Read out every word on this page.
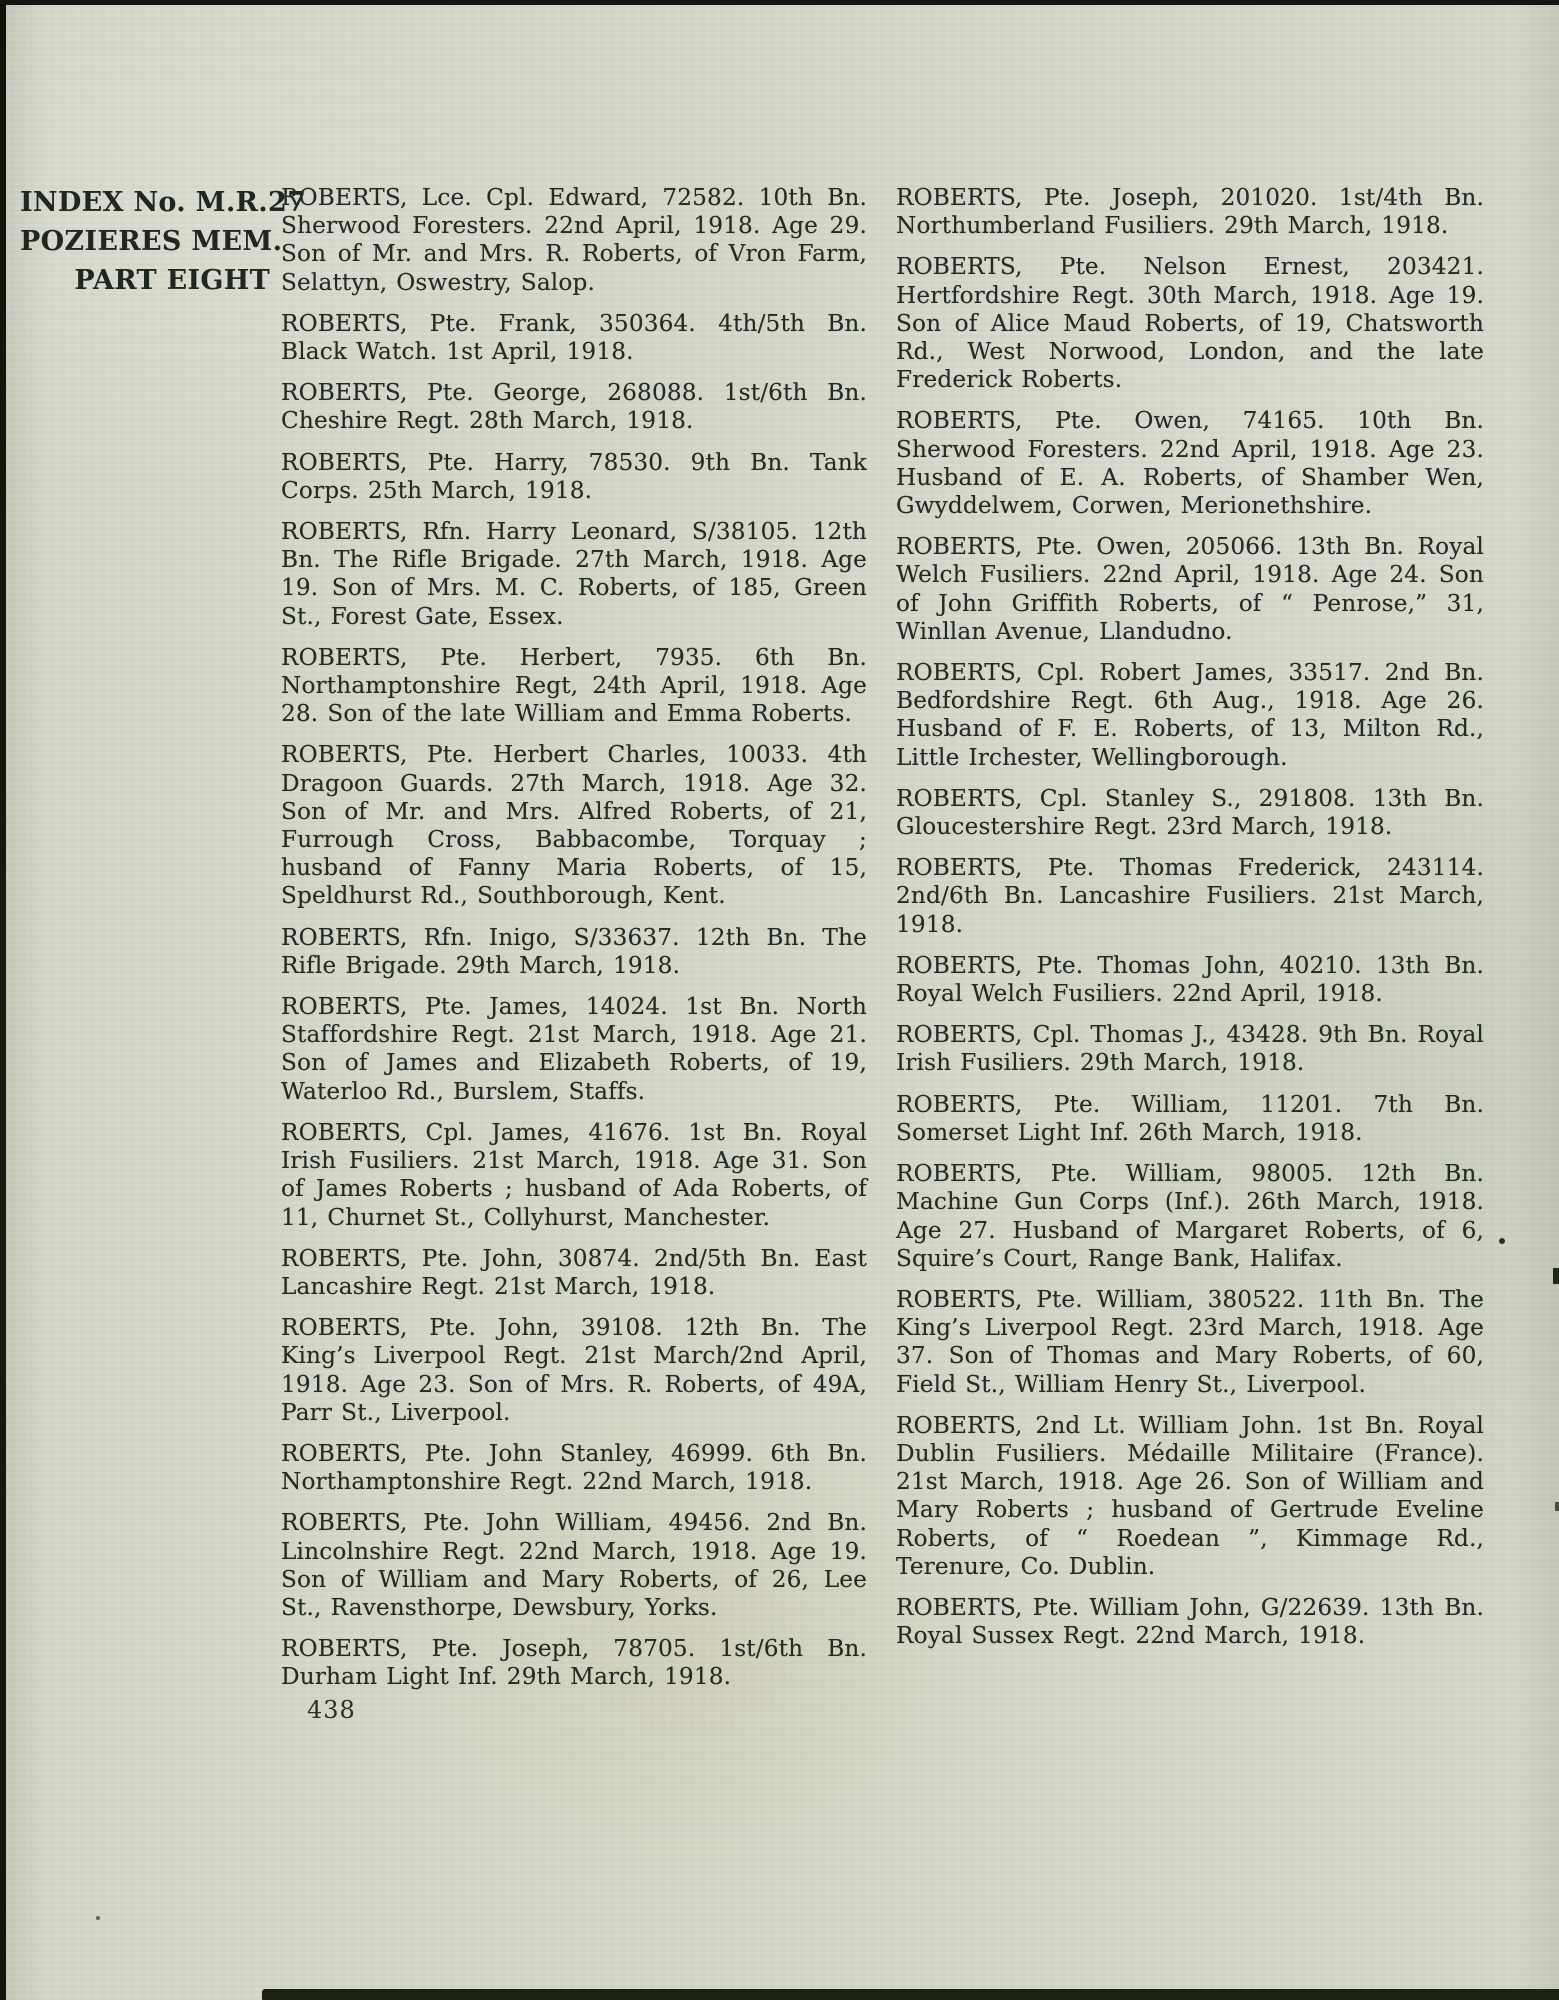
INDEX No. M.R.27
POZIERES MEM.
PART EIGHT

ROBERTS, Lce. Cpl. Edward, 72582. 10th Bn. Sherwood Foresters. 22nd April, 1918. Age 29. Son of Mr. and Mrs. R. Roberts, of Vron Farm, Selattyn, Oswestry, Salop.

ROBERTS, Pte. Frank, 350364. 4th/5th Bn. Black Watch. 1st April, 1918.

ROBERTS, Pte. George, 268088. 1st/6th Bn. Cheshire Regt. 28th March, 1918.

ROBERTS, Pte. Harry, 78530. 9th Bn. Tank Corps. 25th March, 1918.

ROBERTS, Rfn. Harry Leonard, S/38105. 12th Bn. The Rifle Brigade. 27th March, 1918. Age 19. Son of Mrs. M. C. Roberts, of 185, Green St., Forest Gate, Essex.

ROBERTS, Pte. Herbert, 7935. 6th Bn. Northamptonshire Regt, 24th April, 1918. Age 28. Son of the late William and Emma Roberts.

ROBERTS, Pte. Herbert Charles, 10033. 4th Dragoon Guards. 27th March, 1918. Age 32. Son of Mr. and Mrs. Alfred Roberts, of 21, Furrough Cross, Babbacombe, Torquay ; husband of Fanny Maria Roberts, of 15, Speldhurst Rd., Southborough, Kent.

ROBERTS, Rfn. Inigo, S/33637. 12th Bn. The Rifle Brigade. 29th March, 1918.

ROBERTS, Pte. James, 14024. 1st Bn. North Staffordshire Regt. 21st March, 1918. Age 21. Son of James and Elizabeth Roberts, of 19, Waterloo Rd., Burslem, Staffs.

ROBERTS, Cpl. James, 41676. 1st Bn. Royal Irish Fusiliers. 21st March, 1918. Age 31. Son of James Roberts ; husband of Ada Roberts, of 11, Churnet St., Collyhurst, Manchester.

ROBERTS, Pte. John, 30874. 2nd/5th Bn. East Lancashire Regt. 21st March, 1918.

ROBERTS, Pte. John, 39108. 12th Bn. The King’s Liverpool Regt. 21st March/2nd April, 1918. Age 23. Son of Mrs. R. Roberts, of 49A, Parr St., Liverpool.

ROBERTS, Pte. John Stanley, 46999. 6th Bn. Northamptonshire Regt. 22nd March, 1918.

ROBERTS, Pte. John William, 49456. 2nd Bn. Lincolnshire Regt. 22nd March, 1918. Age 19. Son of William and Mary Roberts, of 26, Lee St., Ravensthorpe, Dewsbury, Yorks.

ROBERTS, Pte. Joseph, 78705. 1st/6th Bn. Durham Light Inf. 29th March, 1918.

ROBERTS, Pte. Joseph, 201020. 1st/4th Bn. Northumberland Fusiliers. 29th March, 1918.

ROBERTS, Pte. Nelson Ernest, 203421. Hertfordshire Regt. 30th March, 1918. Age 19. Son of Alice Maud Roberts, of 19, Chatsworth Rd., West Norwood, London, and the late Frederick Roberts.

ROBERTS, Pte. Owen, 74165. 10th Bn. Sherwood Foresters. 22nd April, 1918. Age 23. Husband of E. A. Roberts, of Shamber Wen, Gwyddelwem, Corwen, Merionethshire.

ROBERTS, Pte. Owen, 205066. 13th Bn. Royal Welch Fusiliers. 22nd April, 1918. Age 24. Son of John Griffith Roberts, of “ Penrose,” 31, Winllan Avenue, Llandudno.

ROBERTS, Cpl. Robert James, 33517. 2nd Bn. Bedfordshire Regt. 6th Aug., 1918. Age 26. Husband of F. E. Roberts, of 13, Milton Rd., Little Irchester, Wellingborough.

ROBERTS, Cpl. Stanley S., 291808. 13th Bn. Gloucestershire Regt. 23rd March, 1918.

ROBERTS, Pte. Thomas Frederick, 243114. 2nd/6th Bn. Lancashire Fusiliers. 21st March, 1918.

ROBERTS, Pte. Thomas John, 40210. 13th Bn. Royal Welch Fusiliers. 22nd April, 1918.

ROBERTS, Cpl. Thomas J., 43428. 9th Bn. Royal Irish Fusiliers. 29th March, 1918.

ROBERTS, Pte. William, 11201. 7th Bn. Somerset Light Inf. 26th March, 1918.

ROBERTS, Pte. William, 98005. 12th Bn. Machine Gun Corps (Inf.). 26th March, 1918. Age 27. Husband of Margaret Roberts, of 6, Squire’s Court, Range Bank, Halifax.

ROBERTS, Pte. William, 380522. 11th Bn. The King’s Liverpool Regt. 23rd March, 1918. Age 37. Son of Thomas and Mary Roberts, of 60, Field St., William Henry St., Liverpool.

ROBERTS, 2nd Lt. William John. 1st Bn. Royal Dublin Fusiliers. Médaille Militaire (France). 21st March, 1918. Age 26. Son of William and Mary Roberts ; husband of Gertrude Eveline Roberts, of “ Roedean ”, Kimmage Rd., Terenure, Co. Dublin.

ROBERTS, Pte. William John, G/22639. 13th Bn. Royal Sussex Regt. 22nd March, 1918.

438
